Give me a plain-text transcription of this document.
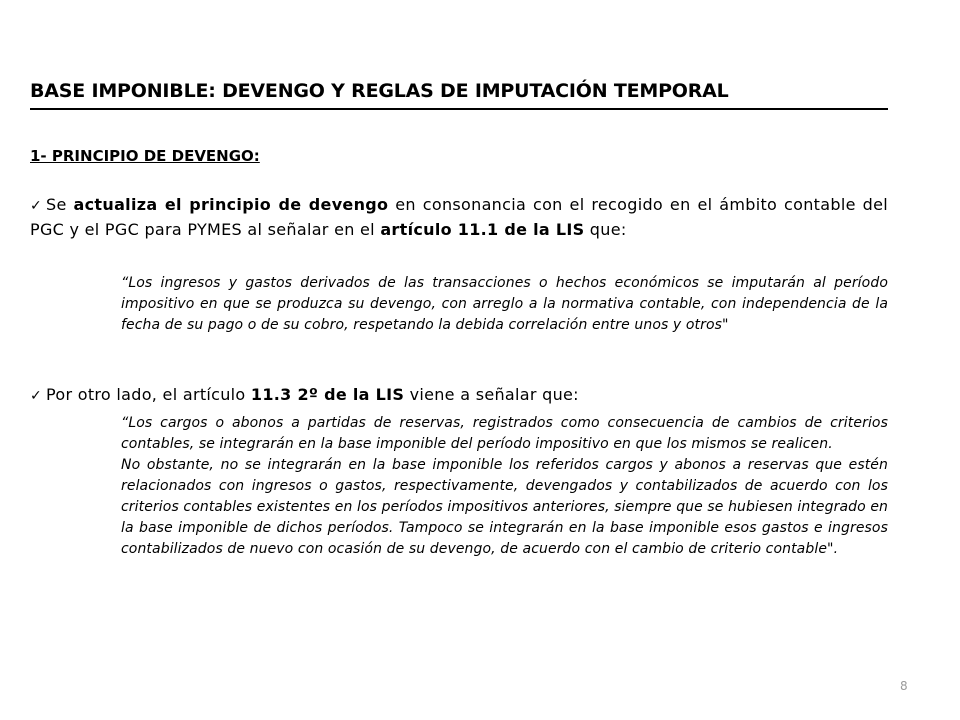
BASE IMPONIBLE: DEVENGO Y REGLAS DE IMPUTACIÓN TEMPORAL
1- PRINCIPIO DE DEVENGO:
✓ Se actualiza el principio de devengo en consonancia con el recogido en el ámbito contable del PGC y el PGC para PYMES al señalar en el artículo 11.1 de la LIS que:
“Los ingresos y gastos derivados de las transacciones o hechos económicos se imputarán al período impositivo en que se produzca su devengo, con arreglo a la normativa contable, con independencia de la fecha de su pago o de su cobro, respetando la debida correlación entre unos y otros"
✓ Por otro lado, el artículo 11.3 2º de la LIS viene a señalar que:
“Los cargos o abonos a partidas de reservas, registrados como consecuencia de cambios de criterios contables, se integrarán en la base imponible del período impositivo en que los mismos se realicen.
No obstante, no se integrarán en la base imponible los referidos cargos y abonos a reservas que estén relacionados con ingresos o gastos, respectivamente, devengados y contabilizados de acuerdo con los criterios contables existentes en los períodos impositivos anteriores, siempre que se hubiesen integrado en la base imponible de dichos períodos. Tampoco se integrarán en la base imponible esos gastos e ingresos contabilizados de nuevo con ocasión de su devengo, de acuerdo con el cambio de criterio contable".
8
